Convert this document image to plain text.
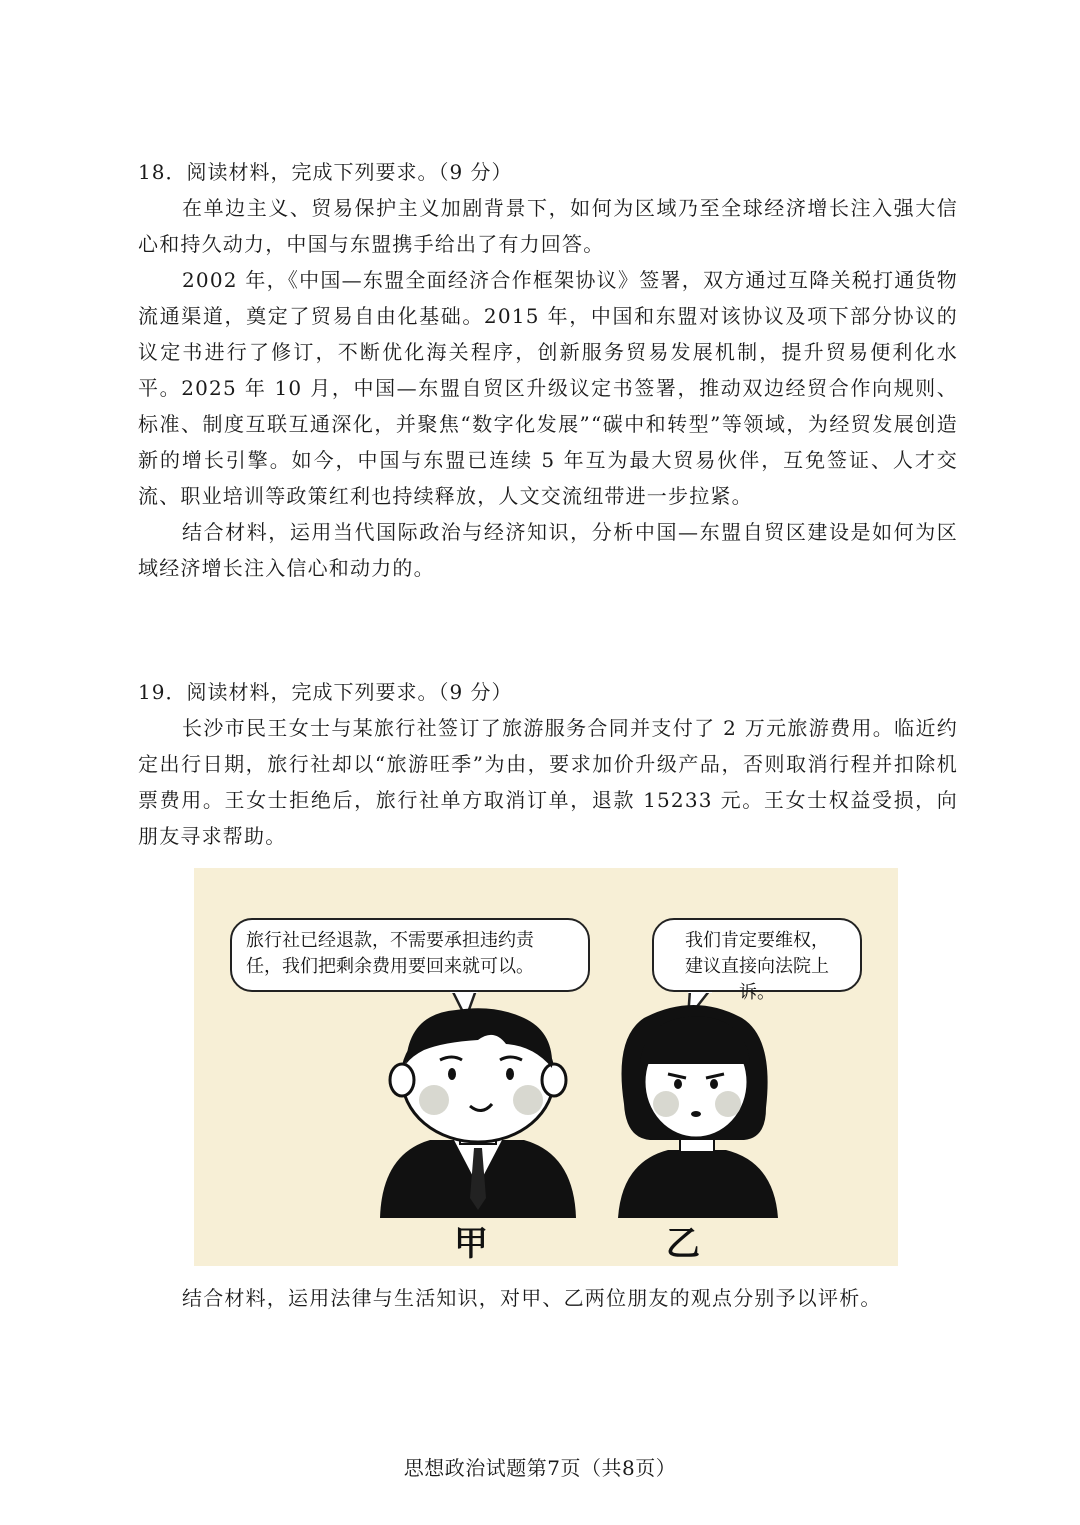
18．阅读材料，完成下列要求。（9 分）

在单边主义、贸易保护主义加剧背景下，如何为区域乃至全球经济增长注入强大信心和持久动力，中国与东盟携手给出了有力回答。

2002 年，《中国—东盟全面经济合作框架协议》签署，双方通过互降关税打通货物流通渠道，奠定了贸易自由化基础。2015 年，中国和东盟对该协议及项下部分协议的议定书进行了修订，不断优化海关程序，创新服务贸易发展机制，提升贸易便利化水平。2025 年 10 月，中国—东盟自贸区升级议定书签署，推动双边经贸合作向规则、标准、制度互联互通深化，并聚焦“数字化发展”“碳中和转型”等领域，为经贸发展创造新的增长引擎。如今，中国与东盟已连续 5 年互为最大贸易伙伴，互免签证、人才交流、职业培训等政策红利也持续释放，人文交流纽带进一步拉紧。

结合材料，运用当代国际政治与经济知识，分析中国—东盟自贸区建设是如何为区域经济增长注入信心和动力的。

19．阅读材料，完成下列要求。（9 分）

长沙市民王女士与某旅行社签订了旅游服务合同并支付了 2 万元旅游费用。临近约定出行日期，旅行社却以“旅游旺季”为由，要求加价升级产品，否则取消行程并扣除机票费用。王女士拒绝后，旅行社单方取消订单，退款 15233 元。王女士权益受损，向朋友寻求帮助。

旅行社已经退款，不需要承担违约责
任，我们把剩余费用要回来就可以。
我们肯定要维权，
建议直接向法院上诉。
甲	乙
结合材料，运用法律与生活知识，对甲、乙两位朋友的观点分别予以评析。
思想政治试题第7页（共8页）
